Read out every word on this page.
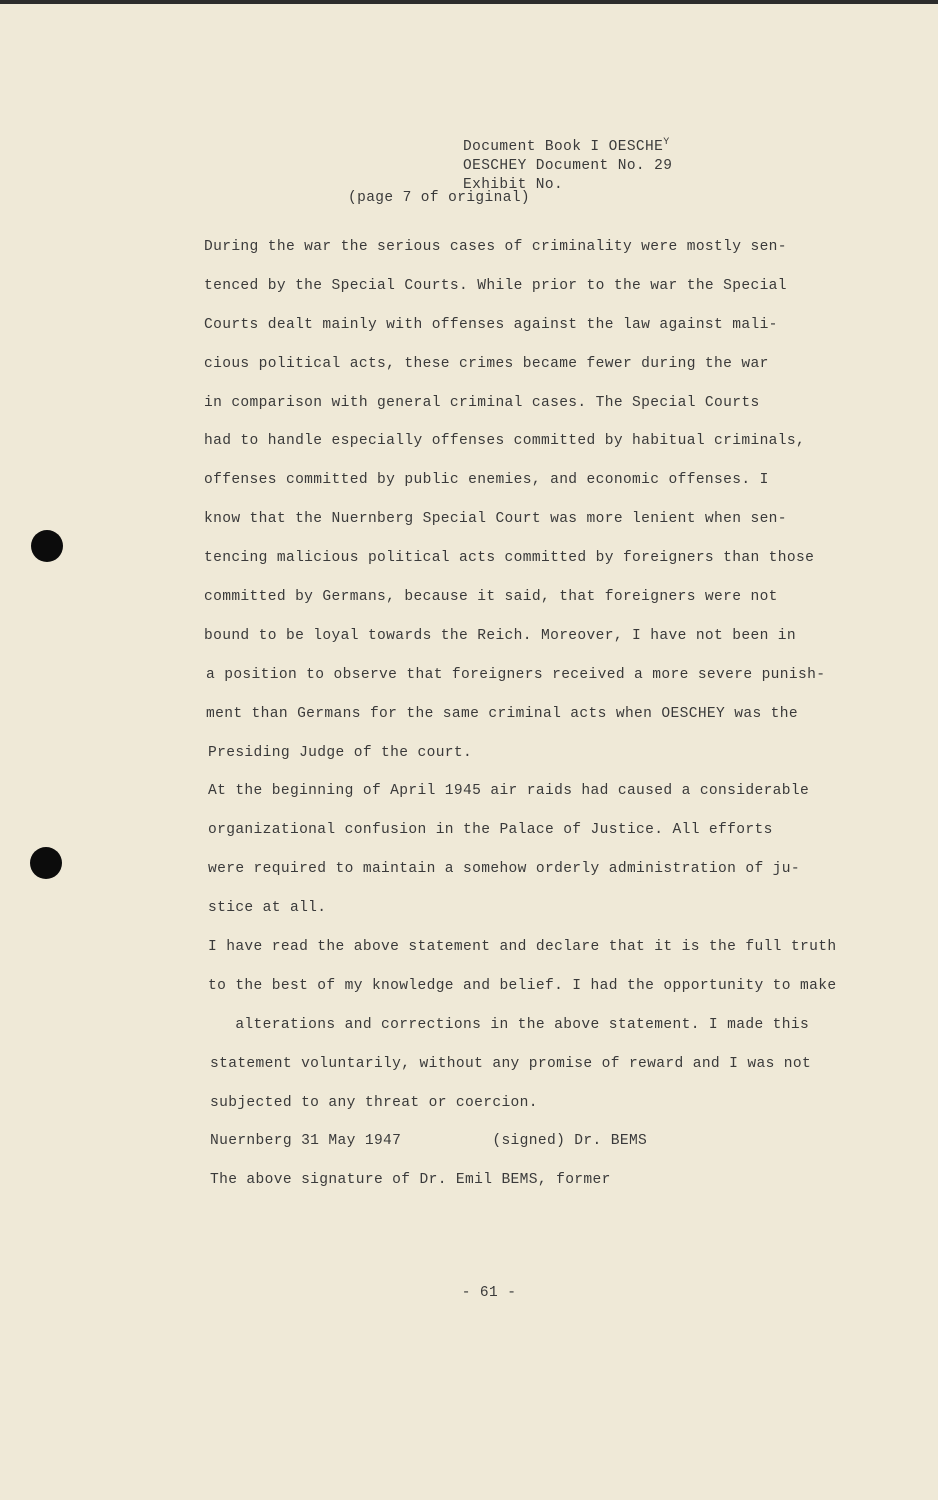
Document Book I $OESCHE^Y$
OESCHEY Document No. 29
Exhibit No.
(page 7 of original)
During the war the serious cases of criminality were mostly sen-
tenced by the Special Courts. While prior to the war the Special
Courts dealt mainly with offenses against the law against mali-
cious political acts, these crimes became fewer during the war
in comparison with general criminal cases. The Special Courts
had to handle especially offenses committed by habitual criminals,
offenses committed by public enemies, and economic offenses. I
know that the Nuernberg Special Court was more lenient when sen-
tencing malicious political acts committed by foreigners than those
committed by Germans, because it said, that foreigners were not
bound to be loyal towards the Reich. Moreover, I have not been in
a position to observe that foreigners received a more severe punish-
ment than Germans for the same criminal acts when OESCHEY was the
Presiding Judge of the court.
At the beginning of April 1945 air raids had caused a considerable
organizational confusion in the Palace of Justice. All efforts
were required to maintain a somehow orderly administration of ju-
stice at all.
I have read the above statement and declare that it is the full truth
to the best of my knowledge and belief. I had the opportunity to make
alterations and corrections in the above statement. I made this
statement voluntarily, without any promise of reward and I was not
subjected to any threat or coercion.
Nuernberg 31 May 1947          (signed) Dr. BEMS
The above signature of Dr. Emil BEMS, former
- 61 -
